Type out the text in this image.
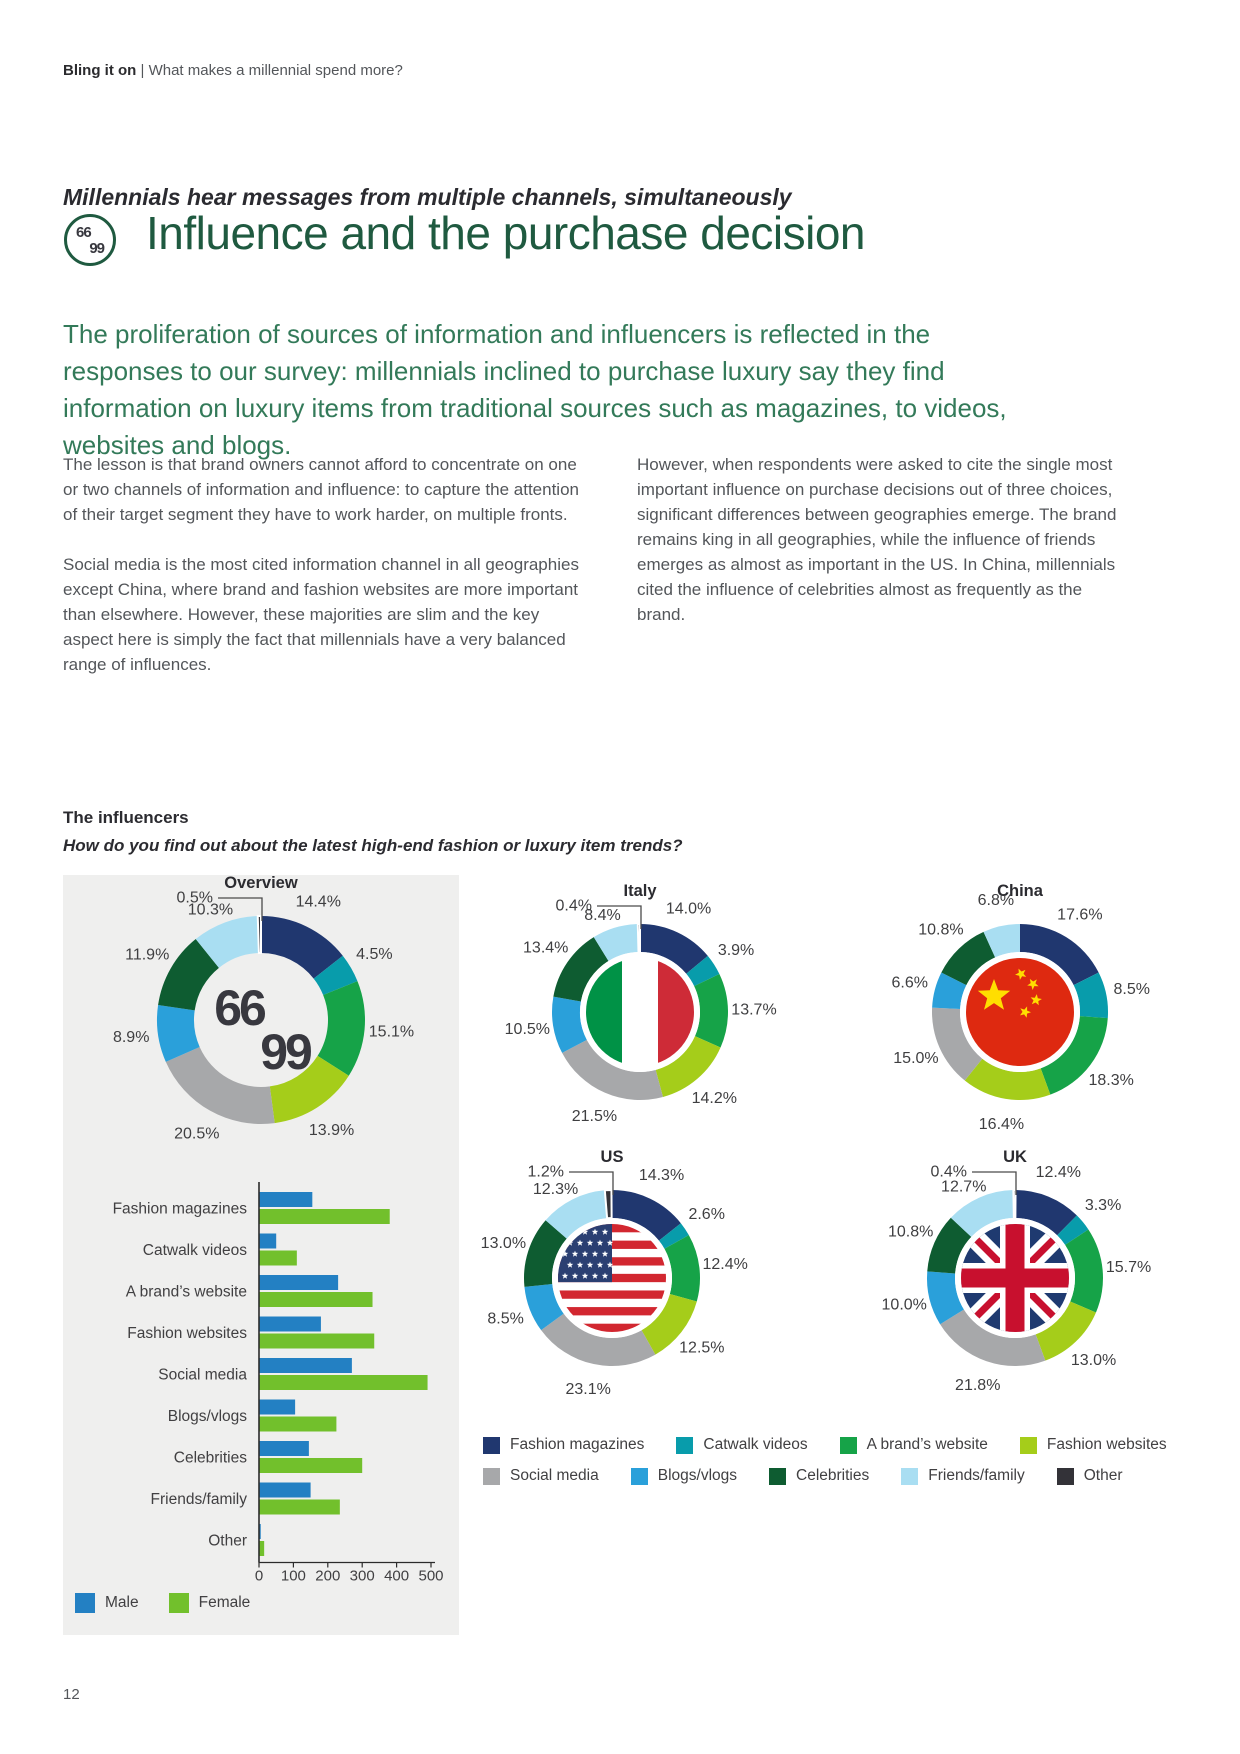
Bling it on | What makes a millennial spend more?
Millennials hear messages from multiple channels, simultaneously
66
99 Influence and the purchase decision
The proliferation of sources of information and influencers is reflected in the responses to our survey: millennials inclined to purchase luxury say they find information on luxury items from traditional sources such as magazines, to videos, websites and blogs.

The lesson is that brand owners cannot afford to concentrate on one or two channels of information and influence: to capture the attention of their target segment they have to work harder, on multiple fronts.

Social media is the most cited information channel in all geographies except China, where brand and fashion websites are more important than elsewhere. However, these majorities are slim and the key aspect here is simply the fact that millennials have a very balanced range of influences.

However, when respondents were asked to cite the single most important influence on purchase decisions out of three choices, significant differences between geographies emerge. The brand remains king in all geographies, while the influence of friends emerges as almost as important in the US. In China, millennials cited the influence of celebrities almost as frequently as the brand.

The influencers
How do you find out about the latest high-end fashion or luxury item trends?
Overview
14.4%
4.5%
15.1%
13.9%
20.5%
8.9%
11.9%
10.3%
0.5%
66
99
Italy
14.0%
3.9%
13.7%
14.2%
21.5%
10.5%
13.4%
8.4%
0.4%
China
17.6%
8.5%
18.3%
16.4%
15.0%
6.6%
10.8%
6.8%
US
14.3%
2.6%
12.4%
12.5%
23.1%
8.5%
13.0%
12.3%
1.2%
UK
12.4%
3.3%
15.7%
13.0%
21.8%
10.0%
10.8%
12.7%
0.4%
Fashion magazines
Catwalk videos
A brand’s website
Fashion websites
Social media
Blogs/vlogs
Celebrities
Friends/family
Other
0 100 200 300 400 500
Fashion magazines	Catwalk videos	A brand’s website	Fashion websites
Social media	Blogs/vlogs	Celebrities	Friends/family	Other
Male	Female
12
